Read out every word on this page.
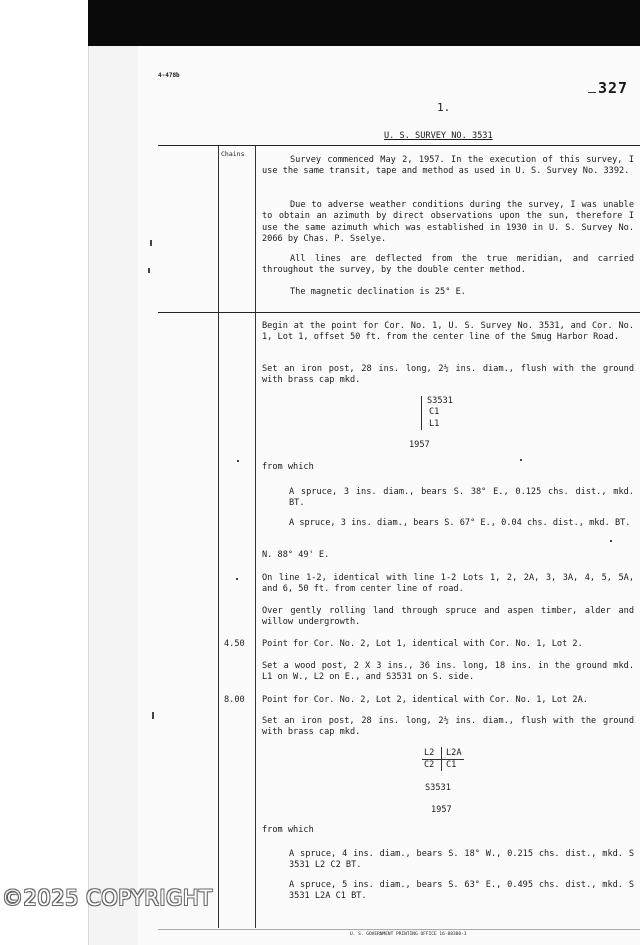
4-478b
327
1.
U. S. SURVEY NO. 3531
Chains
4.50
8.00

Survey commenced May 2, 1957. In the execution of this survey, I use the same transit, tape and method as used in U. S. Survey No. 3392.

Due to adverse weather conditions during the survey, I was unable to obtain an azimuth by direct observations upon the sun, therefore I use the same azimuth which was established in 1930 in U. S. Survey No. 2066 by Chas. P. Sselye.

All lines are deflected from the true meridian, and carried throughout the survey, by the double center method.

The magnetic declination is 25° E.

Begin at the point for Cor. No. 1, U. S. Survey No. 3531, and Cor. No. 1, Lot 1, offset 50 ft. from the center line of the Smug Harbor Road.

Set an iron post, 28 ins. long, 2½ ins. diam., flush with the ground with brass cap mkd.

S3531
C1
L1
1957

from which

A spruce, 3 ins. diam., bears S. 38° E., 0.125 chs. dist., mkd. BT.

A spruce, 3 ins. diam., bears S. 67° E., 0.04 chs. dist., mkd. BT.

N. 88° 49' E.

On line 1-2, identical with line 1-2 Lots 1, 2, 2A, 3, 3A, 4, 5, 5A, and 6, 50 ft. from center line of road.

Over gently rolling land through spruce and aspen timber, alder and willow undergrowth.

Point for Cor. No. 2, Lot 1, identical with Cor. No. 1, Lot 2.

Set a wood post, 2 X 3 ins., 36 ins. long, 18 ins. in the ground mkd. L1 on W., L2 on E., and S3531 on S. side.

Point for Cor. No. 2, Lot 2, identical with Cor. No. 1, Lot 2A.

Set an iron post, 28 ins. long, 2½ ins. diam., flush with the ground with brass cap mkd.

L2 L2A
C2 C1
S3531
1957

from which

A spruce, 4 ins. diam., bears S. 18° W., 0.215 chs. dist., mkd. S 3531 L2 C2 BT.

A spruce, 5 ins. diam., bears S. 63° E., 0.495 chs. dist., mkd. S 3531 L2A C1 BT.

U. S. GOVERNMENT PRINTING OFFICE 16-88380-1
©2025 COPYRIGHT
